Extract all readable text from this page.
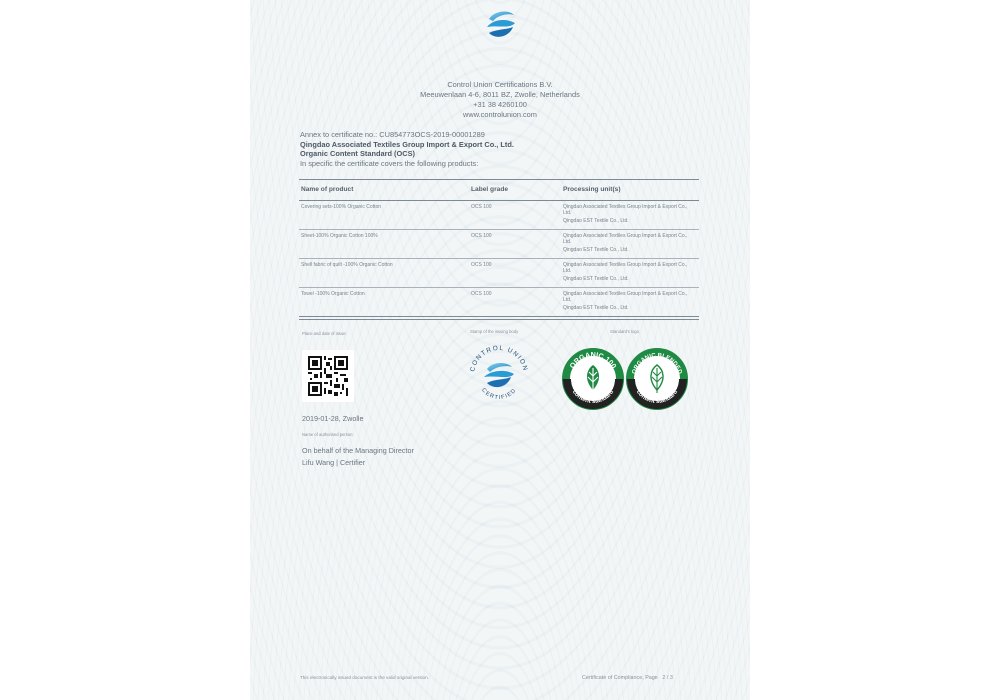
Control Union Certifications B.V.
Meeuwenlaan 4-6, 8011 BZ, Zwolle, Netherlands
+31 38 4260100
www.controlunion.com
Annex to certificate no.: CU854773OCS-2019-00001289
Qingdao Associated Textiles Group Import & Export Co., Ltd.
Organic Content Standard (OCS)
In specific the certificate covers the following products:
Name of product	Label grade	Processing unit(s)
Covering sets-100% Organic Cotton	OCS 100	Qingdao Associated Textiles Group Import & Export Co., Ltd.
Qingdao EST Textile Co., Ltd.
Sheet-100% Organic Cotton 100%	OCS 100	Qingdao Associated Textiles Group Import & Export Co., Ltd.
Qingdao EST Textile Co., Ltd.
Shell fabric of quilt -100% Organic Cotton	OCS 100	Qingdao Associated Textiles Group Import & Export Co., Ltd.
Qingdao EST Textile Co., Ltd.
Towel -100% Organic Cotton	OCS 100	Qingdao Associated Textiles Group Import & Export Co., Ltd.
Qingdao EST Textile Co., Ltd.
Place and date of issue:	Stamp of the issuing body	Standard's logo
2019-01-28, Zwolle
Name of authorised person:
On behalf of the Managing Director
Lifu Wang | Certifier
CONTROL UNION
CERTIFIED
ORGANIC 100
content standard
ORGANIC BLENDED
content standard
This electronically issued document is the valid original version.	Certificate of Compliance, Page 2 / 3
